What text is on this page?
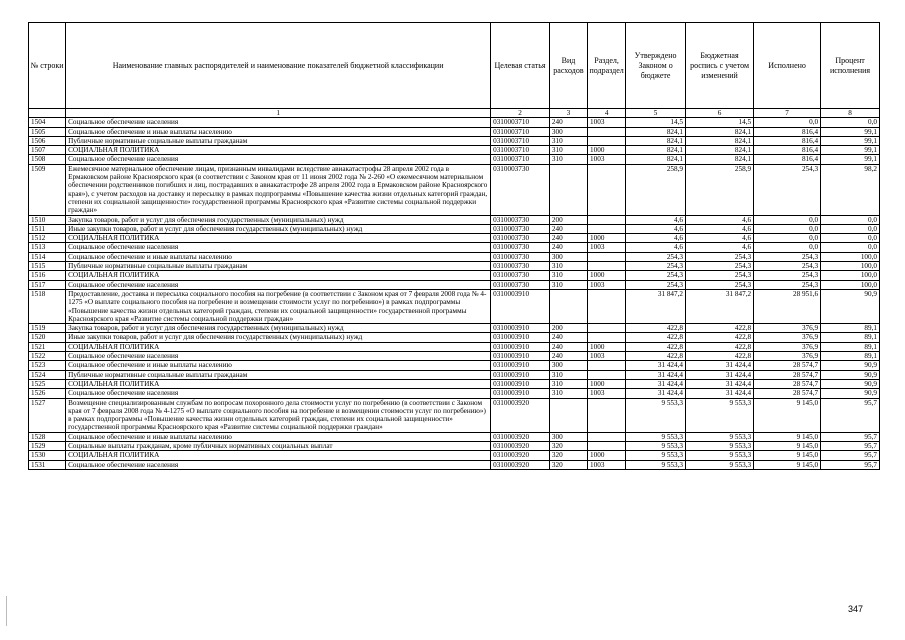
№ строки	Наименование главных распорядителей и наименование показателей бюджетной классификации	Целевая статья	Вид расходов	Раздел, подраздел	Утверждено Законом о бюджете	Бюджетная роспись с учетом изменений	Исполнено	Процент исполнения
	1	2	3	4	5	6	7	8
1504	Социальное обеспечение населения	0310003710	240	1003	14,5	14,5	0,0	0,0
1505	Социальное обеспечение и иные выплаты населению	0310003710	300		824,1	824,1	816,4	99,1
1506	Публичные нормативные социальные выплаты гражданам	0310003710	310		824,1	824,1	816,4	99,1
1507	СОЦИАЛЬНАЯ ПОЛИТИКА	0310003710	310	1000	824,1	824,1	816,4	99,1
1508	Социальное обеспечение населения	0310003710	310	1003	824,1	824,1	816,4	99,1
1509	Ежемесячное материальное обеспечение лицам, признанным инвалидами вследствие авиакатастрофы 28 апреля 2002 года в Ермаковском районе Красноярского края (в соответствии с Законом края от 11 июня 2002 года № 2-260 «О ежемесячном материальном обеспечении родственников погибших и лиц, пострадавших в авиакатастрофе 28 апреля 2002 года в Ермаковском районе Красноярского края»), с учетом расходов на доставку и пересылку в рамках подпрограммы «Повышение качества жизни отдельных категорий граждан, степени их социальной защищенности» государственной программы Красноярского края «Развитие системы социальной поддержки граждан»	0310003730			258,9	258,9	254,3	98,2
1510	Закупка товаров, работ и услуг для обеспечения государственных (муниципальных) нужд	0310003730	200		4,6	4,6	0,0	0,0
1511	Иные закупки товаров, работ и услуг для обеспечения государственных (муниципальных) нужд	0310003730	240		4,6	4,6	0,0	0,0
1512	СОЦИАЛЬНАЯ ПОЛИТИКА	0310003730	240	1000	4,6	4,6	0,0	0,0
1513	Социальное обеспечение населения	0310003730	240	1003	4,6	4,6	0,0	0,0
1514	Социальное обеспечение и иные выплаты населению	0310003730	300		254,3	254,3	254,3	100,0
1515	Публичные нормативные социальные выплаты гражданам	0310003730	310		254,3	254,3	254,3	100,0
1516	СОЦИАЛЬНАЯ ПОЛИТИКА	0310003730	310	1000	254,3	254,3	254,3	100,0
1517	Социальное обеспечение населения	0310003730	310	1003	254,3	254,3	254,3	100,0
1518	Предоставление, доставка и пересылка социального пособия на погребение (в соответствии с Законом края от 7 февраля 2008 года № 4-1275 «О выплате социального пособия на погребение и возмещении стоимости услуг по погребению») в рамках подпрограммы «Повышение качества жизни отдельных категорий граждан, степени их социальной защищенности» государственной программы Красноярского края «Развитие системы социальной поддержки граждан»	0310003910			31 847,2	31 847,2	28 951,6	90,9
1519	Закупка товаров, работ и услуг для обеспечения государственных (муниципальных) нужд	0310003910	200		422,8	422,8	376,9	89,1
1520	Иные закупки товаров, работ и услуг для обеспечения государственных (муниципальных) нужд	0310003910	240		422,8	422,8	376,9	89,1
1521	СОЦИАЛЬНАЯ ПОЛИТИКА	0310003910	240	1000	422,8	422,8	376,9	89,1
1522	Социальное обеспечение населения	0310003910	240	1003	422,8	422,8	376,9	89,1
1523	Социальное обеспечение и иные выплаты населению	0310003910	300		31 424,4	31 424,4	28 574,7	90,9
1524	Публичные нормативные социальные выплаты гражданам	0310003910	310		31 424,4	31 424,4	28 574,7	90,9
1525	СОЦИАЛЬНАЯ ПОЛИТИКА	0310003910	310	1000	31 424,4	31 424,4	28 574,7	90,9
1526	Социальное обеспечение населения	0310003910	310	1003	31 424,4	31 424,4	28 574,7	90,9
1527	Возмещение специализированным службам по вопросам похоронного дела стоимости услуг по погребению (в соответствии с Законом края от 7 февраля 2008 года № 4-1275 «О выплате социального пособия на погребение и возмещении стоимости услуг по погребению») в рамках подпрограммы «Повышение качества жизни отдельных категорий граждан, степени их социальной защищенности» государственной программы Красноярского края «Развитие системы социальной поддержки граждан»	0310003920			9 553,3	9 553,3	9 145,0	95,7
1528	Социальное обеспечение и иные выплаты населению	0310003920	300		9 553,3	9 553,3	9 145,0	95,7
1529	Социальные выплаты гражданам, кроме публичных нормативных социальных выплат	0310003920	320		9 553,3	9 553,3	9 145,0	95,7
1530	СОЦИАЛЬНАЯ ПОЛИТИКА	0310003920	320	1000	9 553,3	9 553,3	9 145,0	95,7
1531	Социальное обеспечение населения	0310003920	320	1003	9 553,3	9 553,3	9 145,0	95,7
347
